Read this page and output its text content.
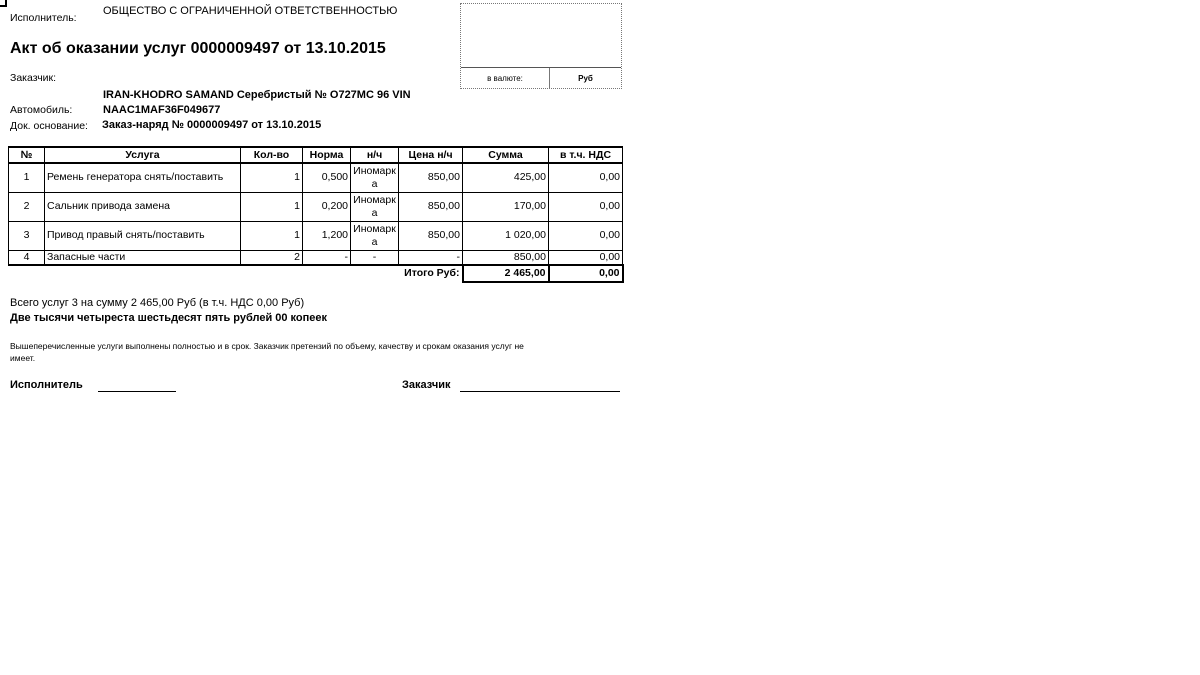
Исполнитель:
ОБЩЕСТВО С ОГРАНИЧЕННОЙ ОТВЕТСТВЕННОСТЬЮ
Акт об оказании услуг 0000009497 от 13.10.2015
Заказчик:
IRAN-KHODRO SAMAND Серебристый № О727МС 96 VIN
Автомобиль:	NAAC1MAF36F049677
Док. основание: Заказ-наряд № 0000009497 от 13.10.2015
в валюте:	Руб
№	Услуга	Кол-во	Норма	н/ч	Цена н/ч	Сумма	в т.ч. НДС
1	Ремень генератора снять/поставить	1	0,500	Иномарка	850,00	425,00	0,00
2	Сальник привода замена	1	0,200	Иномарка	850,00	170,00	0,00
3	Привод правый снять/поставить	1	1,200	Иномарка	850,00	1 020,00	0,00
4	Запасные части	2	-	-	-	850,00	0,00
Итого Руб:						2 465,00	0,00
Всего услуг 3 на сумму 2 465,00 Руб (в т.ч. НДС 0,00 Руб)
Две тысячи четыреста шестьдесят пять рублей 00 копеек
Вышеперечисленные услуги выполнены полностью и в срок. Заказчик претензий по объему, качеству и срокам оказания услуг не
имеет.
Исполнитель	Заказчик
